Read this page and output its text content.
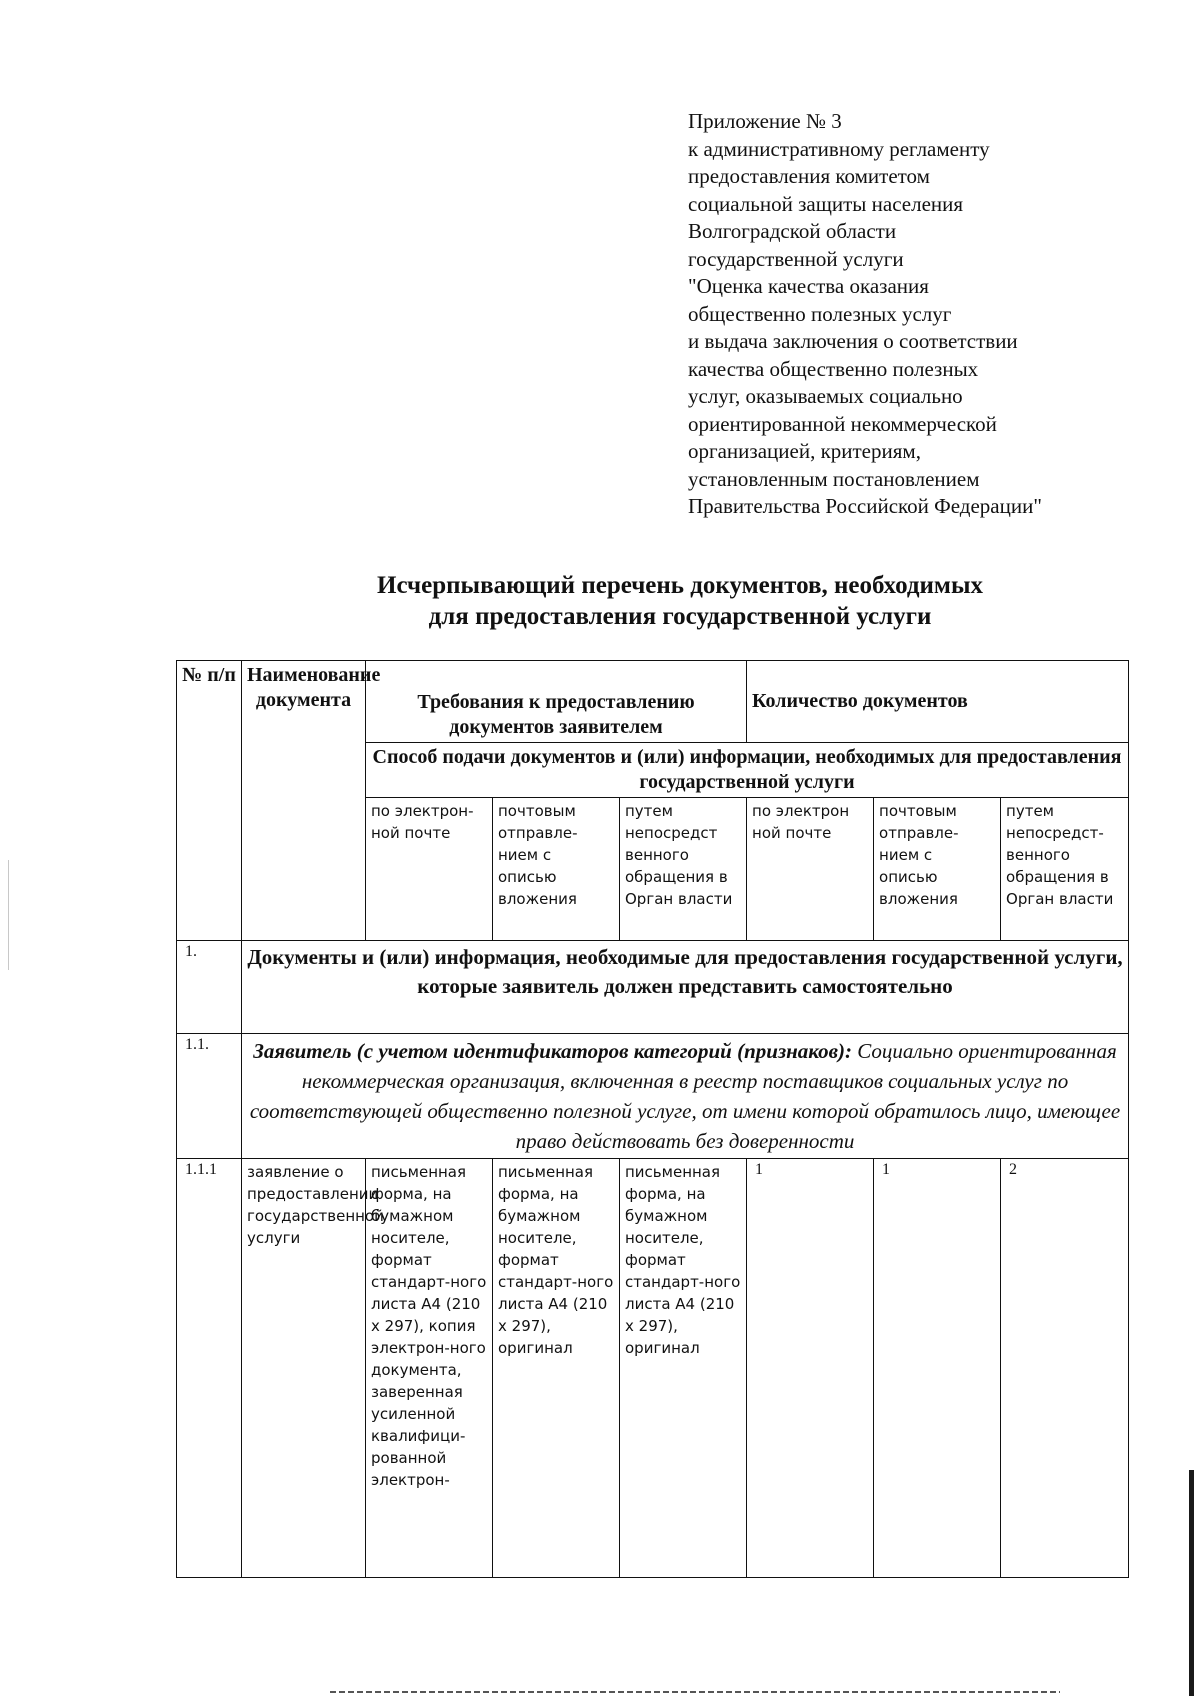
Приложение № 3
к административному регламенту
предоставления комитетом
социальной защиты населения
Волгоградской области
государственной услуги
"Оценка качества оказания
общественно полезных услуг
и выдача заключения о соответствии
качества общественно полезных
услуг, оказываемых социально
ориентированной некоммерческой
организацией, критериям,
установленным постановлением
Правительства Российской Федерации"
Исчерпывающий перечень документов, необходимых
для предоставления государственной услуги
№ п/п	Наименование документа	Требования к предоставлению документов заявителем			Количество документов		
		Способ подачи документов и (или) информации, необходимых для предоставления государственной услуги					
		по электрон-ной почте	почтовым отправле-нием с описью вложения	путем непосредст венного обращения в Орган власти	по электрон ной почте	почтовым отправле-нием с описью вложения	путем непосредст-венного обращения в Орган власти
1.	Документы и (или) информация, необходимые для предоставления государственной услуги, которые заявитель должен представить самостоятельно						
1.1.	Заявитель (с учетом идентификаторов категорий (признаков): Социально ориентированная некоммерческая организация, включенная в реестр поставщиков социальных услуг по соответствующей общественно полезной услуге, от имени которой обратилось лицо, имеющее право действовать без доверенности						
1.1.1	заявление о предоставлении государственной услуги	письменная форма, на бумажном носителе, формат стандарт-ного листа А4 (210 x 297), копия электрон-ного документа, заверенная усиленной квалифици-рованной электрон-	письменная форма, на бумажном носителе, формат стандарт-ного листа А4 (210 x 297), оригинал	письменная форма, на бумажном носителе, формат стандарт-ного листа А4 (210 x 297), оригинал	1	1	2
